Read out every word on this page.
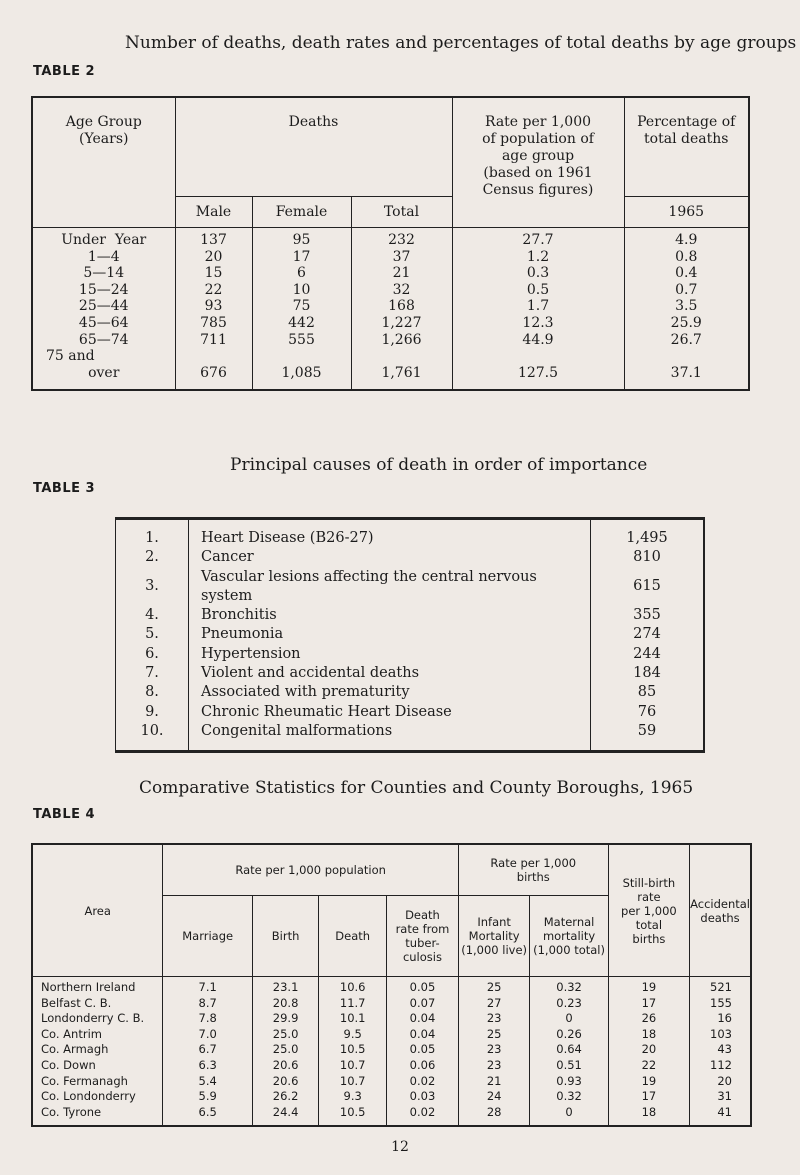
Number of deaths, death rates and percentages of total deaths by age groups
TABLE 2
Age Group
(Years)	Deaths			Rate per 1,000
of population of
age group
(based on 1961
Census figures)	Percentage of
total deaths
	Male	Female	Total		1965
Under  Year	137	95	232	27.7	4.9
1—4	20	17	37	1.2	0.8
5—14	15	6	21	0.3	0.4
15—24	22	10	32	0.5	0.7
25—44	93	75	168	1.7	3.5
45—64	785	442	1,227	12.3	25.9
65—74	711	555	1,266	44.9	26.7
75 and					
over	676	1,085	1,761	127.5	37.1
Principal causes of death in order of importance
TABLE 3
1.	Heart Disease (B26-27)	1,495
2.	Cancer	810
3.	Vascular lesions affecting the central nervous system	615
4.	Bronchitis	355
5.	Pneumonia	274
6.	Hypertension	244
7.	Violent and accidental deaths	184
8.	Associated with prematurity	85
9.	Chronic Rheumatic Heart Disease	76
10.	Congenital malformations	59
Comparative Statistics for Counties and County Boroughs, 1965
TABLE 4
Area	Rate per 1,000 population				Rate per 1,000
births		Still-birth
rate
per 1,000
total
births	Accidental
deaths
	Marriage	Birth	Death	Death
rate from
tuber-
culosis	Infant
Mortality
(1,000 live)	Maternal
mortality
(1,000 total)		
Northern Ireland	7.1	23.1	10.6	0.05	25	0.32	19	521
Belfast C. B.	8.7	20.8	11.7	0.07	27	0.23	17	155
Londonderry C. B.	7.8	29.9	10.1	0.04	23	0	26	16
Co. Antrim	7.0	25.0	9.5	0.04	25	0.26	18	103
Co. Armagh	6.7	25.0	10.5	0.05	23	0.64	20	43
Co. Down	6.3	20.6	10.7	0.06	23	0.51	22	112
Co. Fermanagh	5.4	20.6	10.7	0.02	21	0.93	19	20
Co. Londonderry	5.9	26.2	9.3	0.03	24	0.32	17	31
Co. Tyrone	6.5	24.4	10.5	0.02	28	0	18	41
12
